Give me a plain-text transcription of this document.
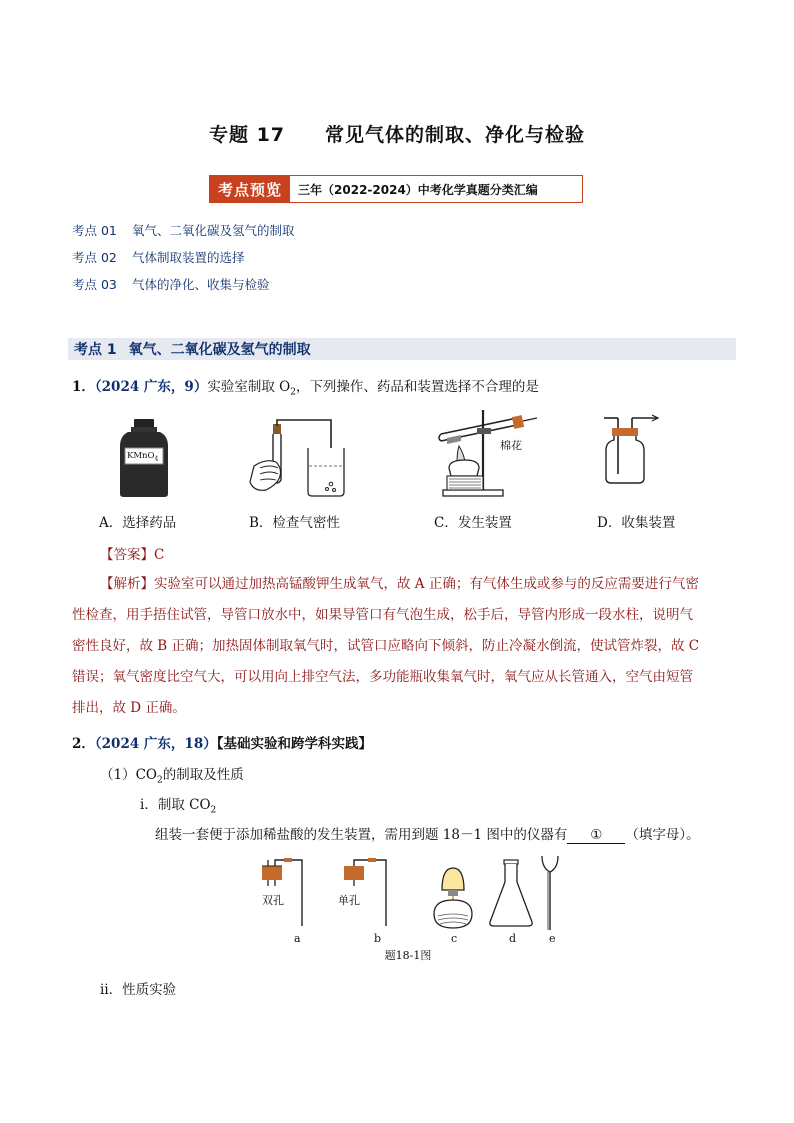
专题 17　　常见气体的制取、净化与检验
考点预览	三年（2022-2024）中考化学真题分类汇编
考点 01 氧气、二氧化碳及氢气的制取
考点 02 气体制取装置的选择
考点 03 气体的净化、收集与检验
考点 1 氧气、二氧化碳及氢气的制取
1．（2024 广东，9）实验室制取 $O_2$，下列操作、药品和装置选择不合理的是
KMnO$_4$
棉花
A．选择药品	B．检查气密性	C．发生装置	D．收集装置
【答案】C
【解析】实验室可以通过加热高锰酸钾生成氧气，故 A 正确；有气体生成或参与的反应需要进行气密
性检查，用手捂住试管，导管口放水中，如果导管口有气泡生成，松手后，导管内形成一段水柱，说明气
密性良好，故 B 正确；加热固体制取氧气时，试管口应略向下倾斜，防止冷凝水倒流，使试管炸裂，故 C
错误；氧气密度比空气大，可以用向上排空气法，多功能瓶收集氧气时，氧气应从长管通入，空气由短管
排出，故 D 正确。
2．（2024 广东，18）【基础实验和跨学科实践】
$(1)CO_2$的制取及性质
i．制取 $CO_2$
组装一套便于添加稀盐酸的发生装置，需用到题 18－1 图中的仪器有 ① （填字母）。
双孔	单孔
a	b	c	d	e
题18-1图
ⅱ．性质实验
